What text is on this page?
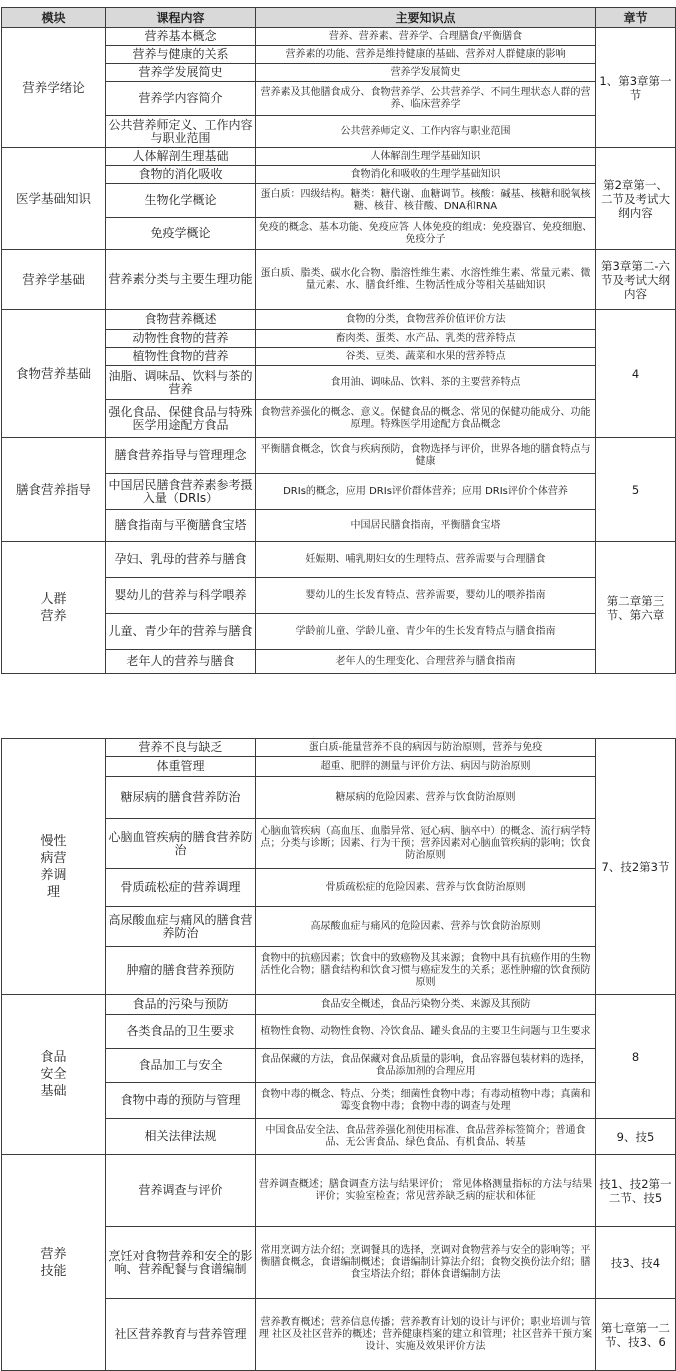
模块	课程内容	主要知识点	章节
营养学绪论	营养基本概念	营养、营养素、营养学、合理膳食/平衡膳食	1、第3章第一节
	营养与健康的关系	营养素的功能、营养是维持健康的基础、营养对人群健康的影响	
	营养学发展简史	营养学发展简史	
	营养学内容简介	营养素及其他膳食成分、食物营养学、公共营养学、不同生理状态人群的营养、临床营养学	
	公共营养师定义、工作内容与职业范围	公共营养师定义、工作内容与职业范围	
医学基础知识	人体解剖生理基础	人体解剖生理学基础知识	第2章第一、二节及考试大纲内容
	食物的消化吸收	食物消化和吸收的生理学基础知识	
	生物化学概论	蛋白质：四级结构。糖类：糖代谢、血糖调节。核酸：碱基、核糖和脱氧核糖、核苷、核苷酸、DNA和RNA	
	免疫学概论	免疫的概念、基本功能、免疫应答 人体免疫的组成：免疫器官、免疫细胞、免疫分子	
营养学基础	营养素分类与主要生理功能	蛋白质、脂类、碳水化合物、脂溶性维生素、水溶性维生素、常量元素、微量元素、水、膳食纤维、生物活性成分等相关基础知识	第3章第二-六节及考试大纲内容
食物营养基础	食物营养概述	食物的分类，食物营养价值评价方法	4
	动物性食物的营养	畜肉类、蛋类、水产品、乳类的营养特点	
	植物性食物的营养	谷类、豆类、蔬菜和水果的营养特点	
	油脂、调味品、饮料与茶的营养	食用油、调味品、饮料、茶的主要营养特点	
	强化食品、保健食品与特殊医学用途配方食品	食物营养强化的概念、意义。保健食品的概念、常见的保健功能成分、功能原理。特殊医学用途配方食品概念	
膳食营养指导	膳食营养指导与管理理念	平衡膳食概念，饮食与疾病预防，食物选择与评价，世界各地的膳食特点与健康	5
	中国居民膳食营养素参考摄入量（DRIs）	DRIs的概念，应用 DRIs评价群体营养；应用 DRIs评价个体营养	
	膳食指南与平衡膳食宝塔	中国居民膳食指南，平衡膳食宝塔	
人群营养	孕妇、乳母的营养与膳食	妊娠期、哺乳期妇女的生理特点、营养需要与合理膳食	第二章第三节、第六章
	婴幼儿的营养与科学喂养	婴幼儿的生长发育特点、营养需要，婴幼儿的喂养指南	
	儿童、青少年的营养与膳食	学龄前儿童、学龄儿童、青少年的生长发育特点与膳食指南	
	老年人的营养与膳食	老年人的生理变化、合理营养与膳食指南	
慢性病营养调理	营养不良与缺乏	蛋白质-能量营养不良的病因与防治原则，营养与免疫	7、技2第3节
	体重管理	超重、肥胖的测量与评价方法、病因与防治原则	
	糖尿病的膳食营养防治	糖尿病的危险因素、营养与饮食防治原则	
	心脑血管疾病的膳食营养防治	心脑血管疾病（高血压、血脂异常、冠心病、脑卒中）的概念、流行病学特点；分类与诊断；因素、行为干预；营养因素对心脑血管疾病的影响；饮食防治原则	
	骨质疏松症的营养调理	骨质疏松症的危险因素、营养与饮食防治原则	
	高尿酸血症与痛风的膳食营养防治	高尿酸血症与痛风的危险因素、营养与饮食防治原则	
	肿瘤的膳食营养预防	食物中的抗癌因素；饮食中的致癌物及其来源；食物中具有抗癌作用的生物活性化合物；膳食结构和饮食习惯与癌症发生的关系；恶性肿瘤的饮食预防原则	
食品安全基础	食品的污染与预防	食品安全概述，食品污染物分类、来源及其预防	8
	各类食品的卫生要求	植物性食物、动物性食物、冷饮食品、罐头食品的主要卫生问题与卫生要求	
	食品加工与安全	食品保藏的方法，食品保藏对食品质量的影响，食品容器包装材料的选择，食品添加剂的合理应用	
	食物中毒的预防与管理	食物中毒的概念、特点、分类；细菌性食物中毒；有毒动植物中毒；真菌和霉变食物中毒；食物中毒的调查与处理	
	相关法律法规	中国食品安全法、食品营养强化剂使用标准、食品营养标签简介；普通食品、无公害食品、绿色食品、有机食品、转基	9、技5
营养技能	营养调查与评价	营养调查概述；膳食调查方法与结果评价； 常见体格测量指标的方法与结果评价；实验室检查；常见营养缺乏病的症状和体征	技1、技2第一二节、技5
	烹饪对食物营养和安全的影响、营养配餐与食谱编制	常用烹调方法介绍；烹调餐具的选择，烹调对食物营养与安全的影响等；平衡膳食概念，食谱编制概述；食谱编制计算法介绍；食物交换份法介绍；膳食宝塔法介绍；群体食谱编制方法	技3、技4
	社区营养教育与营养管理	营养教育概述；营养信息传播；营养教育计划的设计与评价；职业培训与管理 社区及社区营养的概述；营养健康档案的建立和管理；社区营养干预方案设计、实施及效果评价方法	第七章第一二节、技3、6
